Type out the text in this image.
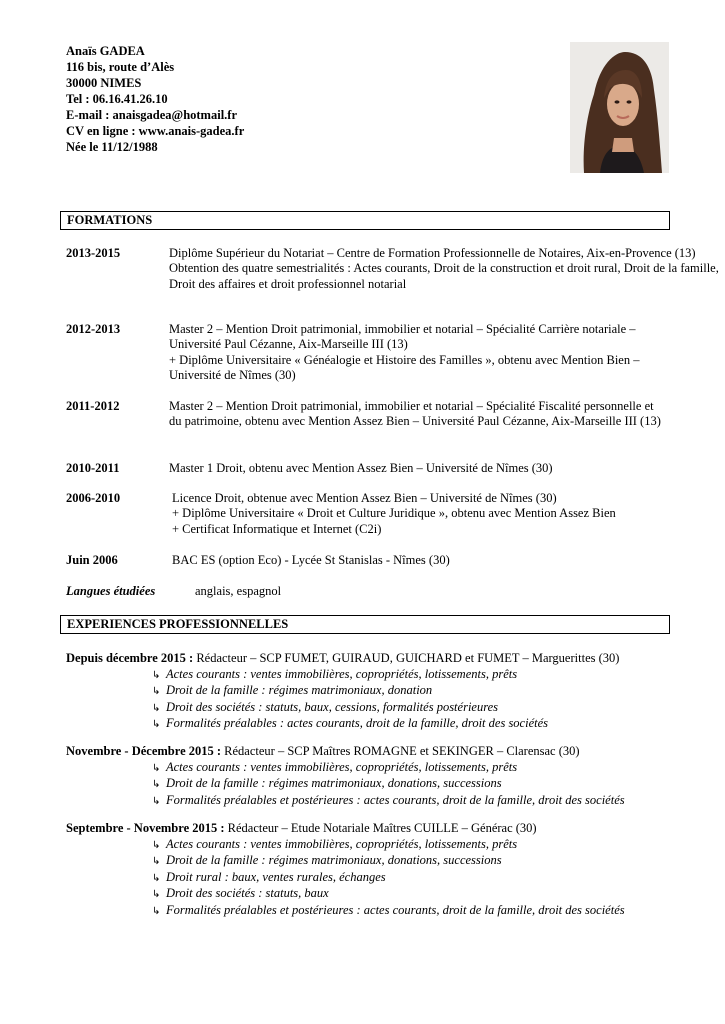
Anaïs GADEA
116 bis, route d’Alès
30000 NIMES
Tel : 06.16.41.26.10
E-mail : anaisgadea@hotmail.fr
CV en ligne : www.anais-gadea.fr
Née le 11/12/1988
FORMATIONS
2013-2015	Diplôme Supérieur du Notariat – Centre de Formation Professionnelle de Notaires, Aix-en-Provence (13)
Obtention des quatre semestrialités : Actes courants, Droit de la construction et droit rural, Droit de la famille, Droit des affaires et droit professionnel notarial
2012-2013	Master 2 – Mention Droit patrimonial, immobilier et notarial – Spécialité Carrière notariale – Université Paul Cézanne, Aix-Marseille III (13)
+ Diplôme Universitaire « Généalogie et Histoire des Familles », obtenu avec Mention Bien – Université de Nîmes (30)
2011-2012	Master 2 – Mention Droit patrimonial, immobilier et notarial – Spécialité Fiscalité personnelle et du patrimoine, obtenu avec Mention Assez Bien – Université Paul Cézanne, Aix-Marseille III (13)
2010-2011	Master 1 Droit, obtenu avec Mention Assez Bien – Université de Nîmes (30)
2006-2010	Licence Droit, obtenue avec Mention Assez Bien – Université de Nîmes (30)
+ Diplôme Universitaire « Droit et Culture Juridique », obtenu avec Mention Assez Bien
+ Certificat Informatique et Internet (C2i)
Juin 2006	BAC ES (option Eco) - Lycée St Stanislas - Nîmes (30)
Langues étudiées	anglais, espagnol
EXPERIENCES PROFESSIONNELLES
Depuis décembre 2015 : Rédacteur – SCP FUMET, GUIRAUD, GUICHARD et FUMET – Marguerittes (30)
↳ Actes courants : ventes immobilières, copropriétés, lotissements, prêts
↳ Droit de la famille : régimes matrimoniaux, donation
↳ Droit des sociétés : statuts, baux, cessions, formalités postérieures
↳ Formalités préalables : actes courants, droit de la famille, droit des sociétés
Novembre - Décembre 2015 : Rédacteur – SCP Maîtres ROMAGNE et SEKINGER – Clarensac (30)
↳ Actes courants : ventes immobilières, copropriétés, lotissements, prêts
↳ Droit de la famille : régimes matrimoniaux, donations, successions
↳ Formalités préalables et postérieures : actes courants, droit de la famille, droit des sociétés
Septembre - Novembre 2015 : Rédacteur – Etude Notariale Maîtres CUILLE – Générac (30)
↳ Actes courants : ventes immobilières, copropriétés, lotissements, prêts
↳ Droit de la famille : régimes matrimoniaux, donations, successions
↳ Droit rural : baux, ventes rurales, échanges
↳ Droit des sociétés : statuts, baux
↳ Formalités préalables et postérieures : actes courants, droit de la famille, droit des sociétés
